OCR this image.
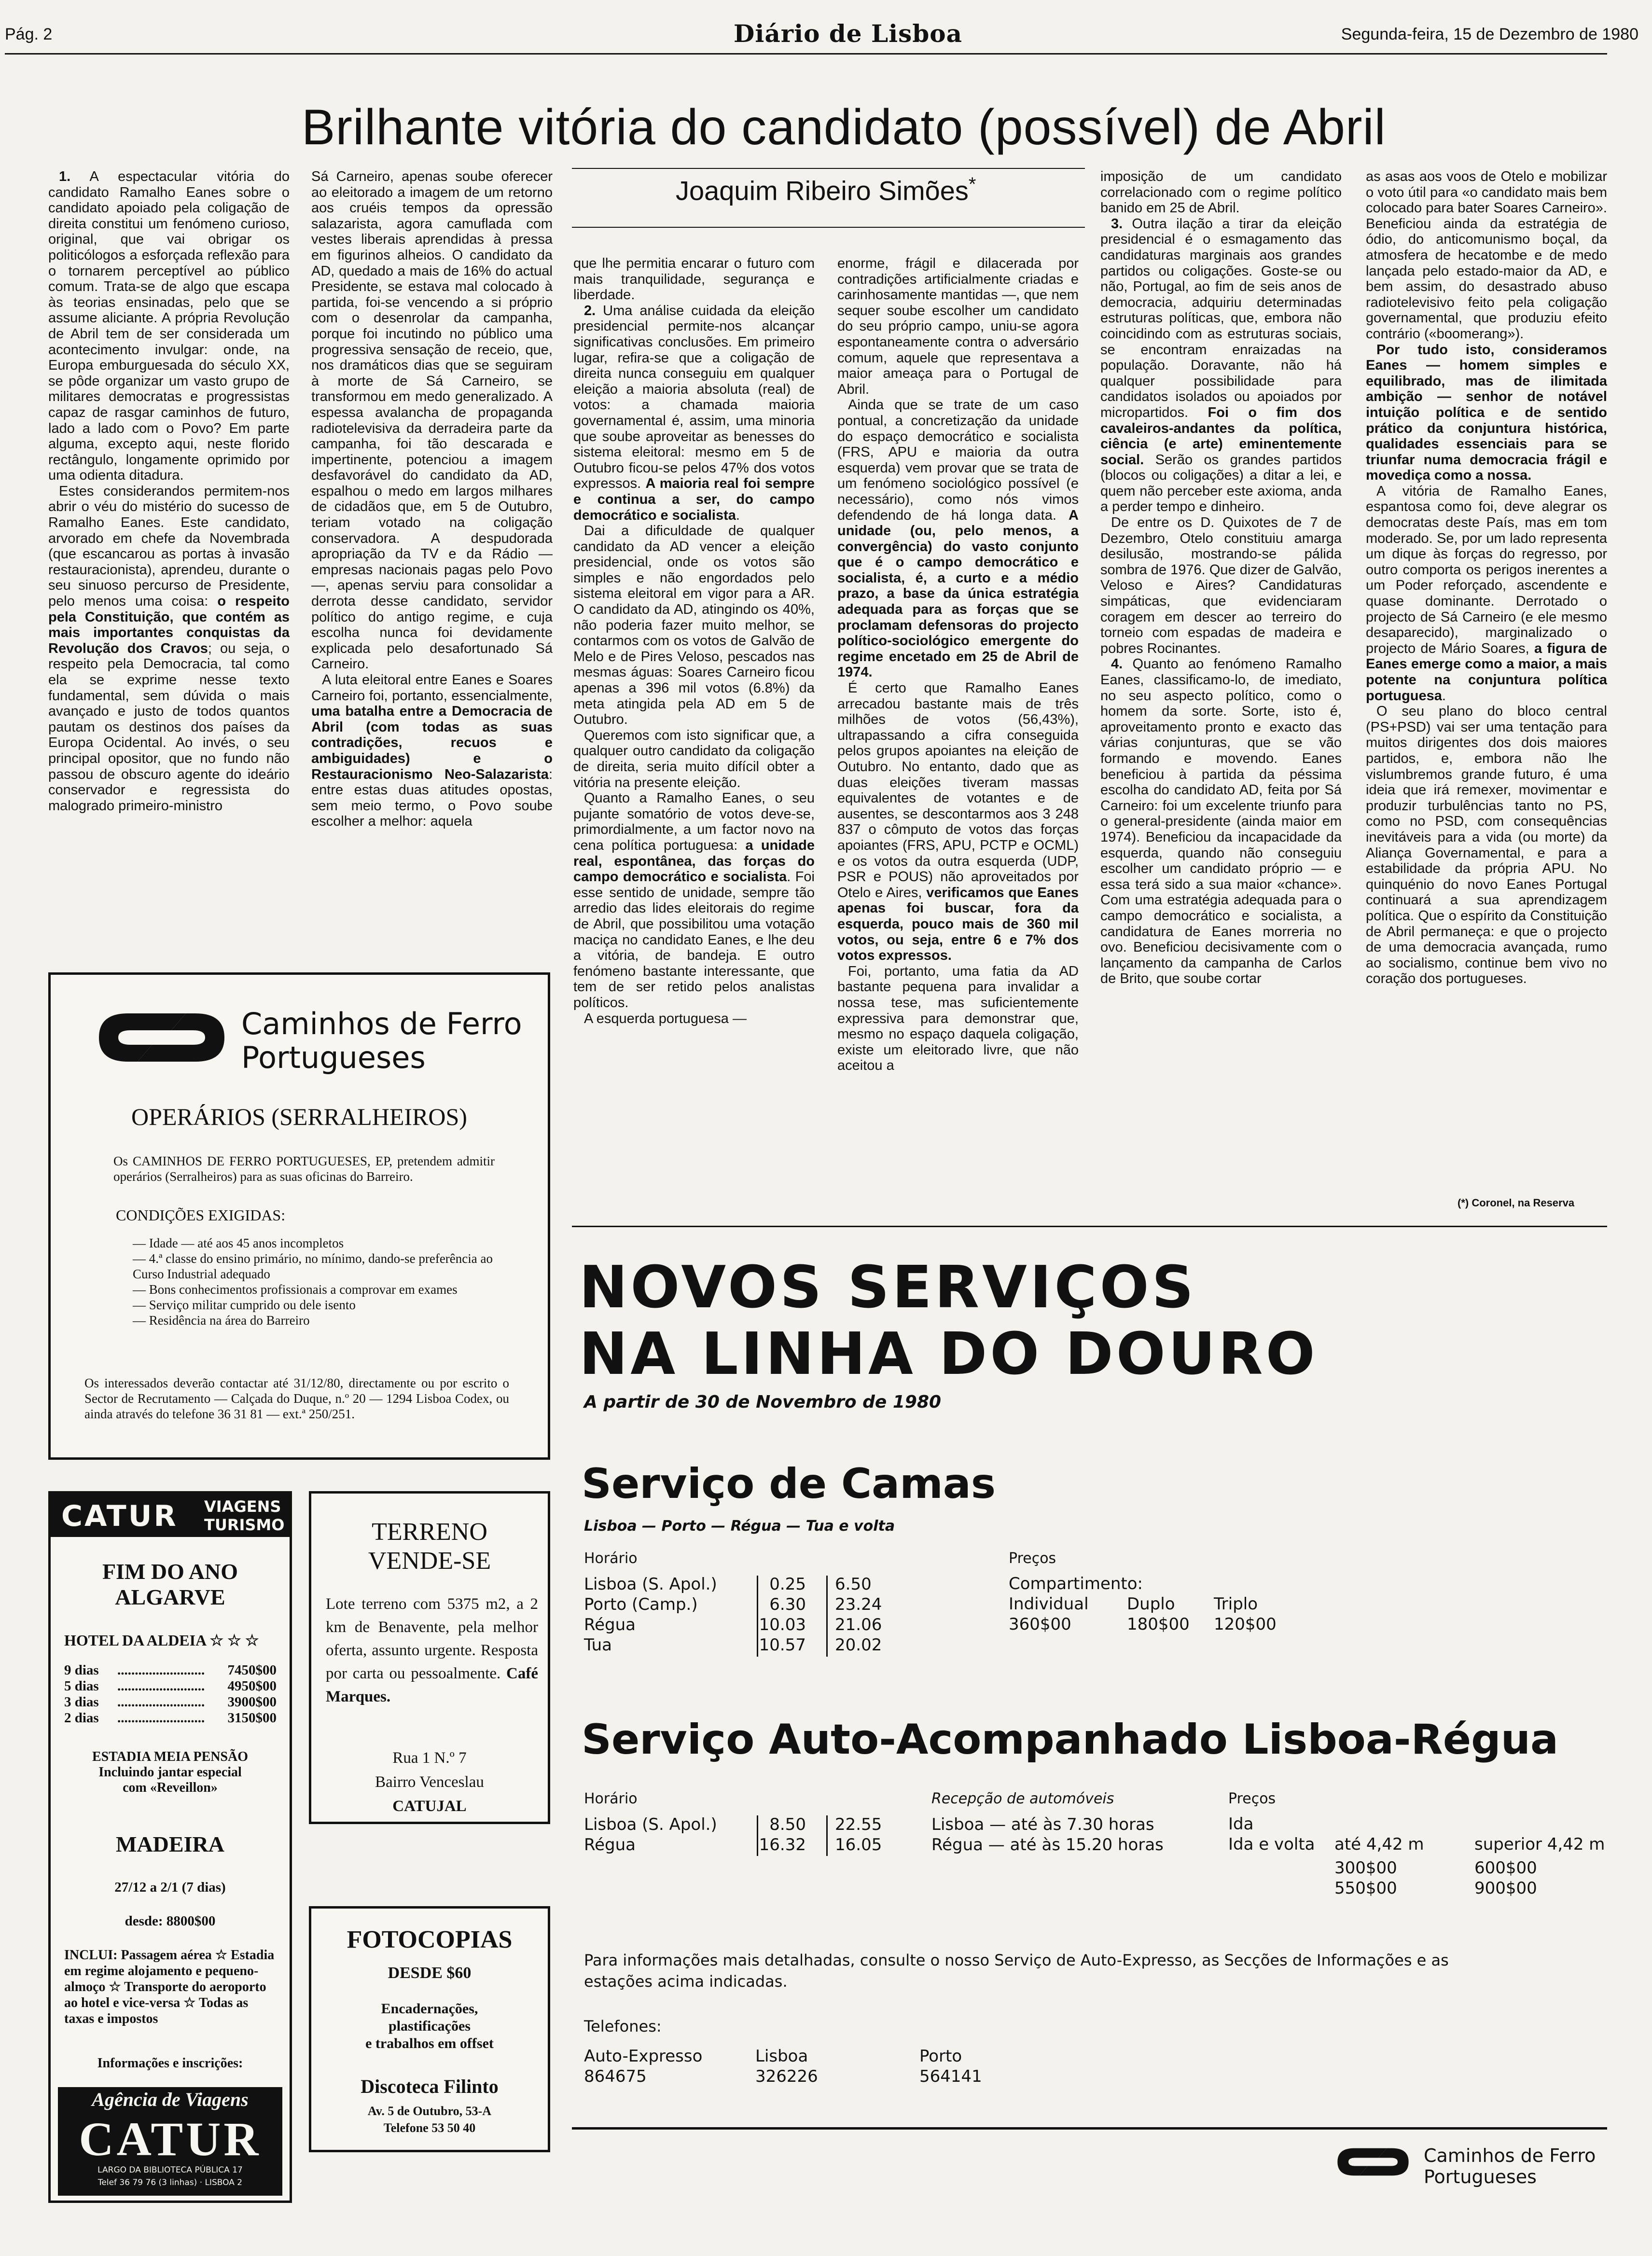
Pág. 2	Diário de Lisboa	Segunda-feira, 15 de Dezembro de 1980
Brilhante vitória do candidato (possível) de Abril
Joaquim Ribeiro Simões*

1. A espectacular vitória do candidato Ramalho Eanes sobre o candidato apoiado pela coligação de direita constitui um fenómeno curioso, original, que vai obrigar os politicólogos a esforçada reflexão para o tornarem perceptível ao público comum. Trata-se de algo que escapa às teorias ensinadas, pelo que se assume aliciante. A própria Revolução de Abril tem de ser considerada um acontecimento invulgar: onde, na Europa emburguesada do século XX, se pôde organizar um vasto grupo de militares democratas e progressistas capaz de rasgar caminhos de futuro, lado a lado com o Povo? Em parte alguma, excepto aqui, neste florido rectângulo, longamente oprimido por uma odienta ditadura.

Estes considerandos permitem-nos abrir o véu do mistério do sucesso de Ramalho Eanes. Este candidato, arvorado em chefe da Novembrada (que escancarou as portas à invasão restauracionista), aprendeu, durante o seu sinuoso percurso de Presidente, pelo menos uma coisa: o respeito pela Constituição, que contém as mais importantes conquistas da Revolução dos Cravos; ou seja, o respeito pela Democracia, tal como ela se exprime nesse texto fundamental, sem dúvida o mais avançado e justo de todos quantos pautam os destinos dos países da Europa Ocidental. Ao invés, o seu principal opositor, que no fundo não passou de obscuro agente do ideário conservador e regressista do malogrado primeiro-ministro

Sá Carneiro, apenas soube oferecer ao eleitorado a imagem de um retorno aos cruéis tempos da opressão salazarista, agora camuflada com vestes liberais aprendidas à pressa em figurinos alheios. O candidato da AD, quedado a mais de 16% do actual Presidente, se estava mal colocado à partida, foi-se vencendo a si próprio com o desenrolar da campanha, porque foi incutindo no público uma progressiva sensação de receio, que, nos dramáticos dias que se seguiram à morte de Sá Carneiro, se transformou em medo generalizado. A espessa avalancha de propaganda radiotelevisiva da derradeira parte da campanha, foi tão descarada e impertinente, potenciou a imagem desfavorável do candidato da AD, espalhou o medo em largos milhares de cidadãos que, em 5 de Outubro, teriam votado na coligação conservadora. A despudorada apropriação da TV e da Rádio — empresas nacionais pagas pelo Povo —, apenas serviu para consolidar a derrota desse candidato, servidor político do antigo regime, e cuja escolha nunca foi devidamente explicada pelo desafortunado Sá Carneiro.

A luta eleitoral entre Eanes e Soares Carneiro foi, portanto, essencialmente, uma batalha entre a Democracia de Abril (com todas as suas contradições, recuos e ambiguidades) e o Restauracionismo Neo-Salazarista: entre estas duas atitudes opostas, sem meio termo, o Povo soube escolher a melhor: aquela

que lhe permitia encarar o futuro com mais tranquilidade, segurança e liberdade.

2. Uma análise cuidada da eleição presidencial permite-nos alcançar significativas conclusões. Em primeiro lugar, refira-se que a coligação de direita nunca conseguiu em qualquer eleição a maioria absoluta (real) de votos: a chamada maioria governamental é, assim, uma minoria que soube aproveitar as benesses do sistema eleitoral: mesmo em 5 de Outubro ficou-se pelos 47% dos votos expressos. A maioria real foi sempre e continua a ser, do campo democrático e socialista.

Dai a dificuldade de qualquer candidato da AD vencer a eleição presidencial, onde os votos são simples e não engordados pelo sistema eleitoral em vigor para a AR. O candidato da AD, atingindo os 40%, não poderia fazer muito melhor, se contarmos com os votos de Galvão de Melo e de Pires Veloso, pescados nas mesmas águas: Soares Carneiro ficou apenas a 396 mil votos (6.8%) da meta atingida pela AD em 5 de Outubro.

Queremos com isto significar que, a qualquer outro candidato da coligação de direita, seria muito difícil obter a vitória na presente eleição.

Quanto a Ramalho Eanes, o seu pujante somatório de votos deve-se, primordialmente, a um factor novo na cena política portuguesa: a unidade real, espontânea, das forças do campo democrático e socialista. Foi esse sentido de unidade, sempre tão arredio das lides eleitorais do regime de Abril, que possibilitou uma votação maciça no candidato Eanes, e lhe deu a vitória, de bandeja. E outro fenómeno bastante interessante, que tem de ser retido pelos analistas políticos.

A esquerda portuguesa —

enorme, frágil e dilacerada por contradições artificialmente criadas e carinhosamente mantidas —, que nem sequer soube escolher um candidato do seu próprio campo, uniu-se agora espontaneamente contra o adversário comum, aquele que representava a maior ameaça para o Portugal de Abril.

Ainda que se trate de um caso pontual, a concretização da unidade do espaço democrático e socialista (FRS, APU e maioria da outra esquerda) vem provar que se trata de um fenómeno sociológico possível (e necessário), como nós vimos defendendo de há longa data. A unidade (ou, pelo menos, a convergência) do vasto conjunto que é o campo democrático e socialista, é, a curto e a médio prazo, a base da única estratégia adequada para as forças que se proclamam defensoras do projecto político-sociológico emergente do regime encetado em 25 de Abril de 1974.

É certo que Ramalho Eanes arrecadou bastante mais de três milhões de votos (56,43%), ultrapassando a cifra conseguida pelos grupos apoiantes na eleição de Outubro. No entanto, dado que as duas eleições tiveram massas equivalentes de votantes e de ausentes, se descontarmos aos 3 248 837 o cômputo de votos das forças apoiantes (FRS, APU, PCTP e OCML) e os votos da outra esquerda (UDP, PSR e POUS) não aproveitados por Otelo e Aires, verificamos que Eanes apenas foi buscar, fora da esquerda, pouco mais de 360 mil votos, ou seja, entre 6 e 7% dos votos expressos.

Foi, portanto, uma fatia da AD bastante pequena para invalidar a nossa tese, mas suficientemente expressiva para demonstrar que, mesmo no espaço daquela coligação, existe um eleitorado livre, que não aceitou a

imposição de um candidato correlacionado com o regime político banido em 25 de Abril.

3. Outra ilação a tirar da eleição presidencial é o esmagamento das candidaturas marginais aos grandes partidos ou coligações. Goste-se ou não, Portugal, ao fim de seis anos de democracia, adquiriu determinadas estruturas políticas, que, embora não coincidindo com as estruturas sociais, se encontram enraizadas na população. Doravante, não há qualquer possibilidade para candidatos isolados ou apoiados por micropartidos. Foi o fim dos cavaleiros-andantes da política, ciência (e arte) eminentemente social. Serão os grandes partidos (blocos ou coligações) a ditar a lei, e quem não perceber este axioma, anda a perder tempo e dinheiro.

De entre os D. Quixotes de 7 de Dezembro, Otelo constituiu amarga desilusão, mostrando-se pálida sombra de 1976. Que dizer de Galvão, Veloso e Aires? Candidaturas simpáticas, que evidenciaram coragem em descer ao terreiro do torneio com espadas de madeira e pobres Rocinantes.

4. Quanto ao fenómeno Ramalho Eanes, classificamo-lo, de imediato, no seu aspecto político, como o homem da sorte. Sorte, isto é, aproveitamento pronto e exacto das várias conjunturas, que se vão formando e movendo. Eanes beneficiou à partida da péssima escolha do candidato AD, feita por Sá Carneiro: foi um excelente triunfo para o general-presidente (ainda maior em 1974). Beneficiou da incapacidade da esquerda, quando não conseguiu escolher um candidato próprio — e essa terá sido a sua maior «chance». Com uma estratégia adequada para o campo democrático e socialista, a candidatura de Eanes morreria no ovo. Beneficiou decisivamente com o lançamento da campanha de Carlos de Brito, que soube cortar

as asas aos voos de Otelo e mobilizar o voto útil para «o candidato mais bem colocado para bater Soares Carneiro». Beneficiou ainda da estratégia de ódio, do anticomunismo boçal, da atmosfera de hecatombe e de medo lançada pelo estado-maior da AD, e bem assim, do desastrado abuso radiotelevisivo feito pela coligação governamental, que produziu efeito contrário («boomerang»).

Por tudo isto, consideramos Eanes — homem simples e equilibrado, mas de ilimitada ambição — senhor de notável intuição política e de sentido prático da conjuntura histórica, qualidades essenciais para se triunfar numa democracia frágil e movediça como a nossa.

A vitória de Ramalho Eanes, espantosa como foi, deve alegrar os democratas deste País, mas em tom moderado. Se, por um lado representa um dique às forças do regresso, por outro comporta os perigos inerentes a um Poder reforçado, ascendente e quase dominante. Derrotado o projecto de Sá Carneiro (e ele mesmo desaparecido), marginalizado o projecto de Mário Soares, a figura de Eanes emerge como a maior, a mais potente na conjuntura política portuguesa.

O seu plano do bloco central (PS+PSD) vai ser uma tentação para muitos dirigentes dos dois maiores partidos, e, embora não lhe vislumbremos grande futuro, é uma ideia que irá remexer, movimentar e produzir turbulências tanto no PS, como no PSD, com consequências inevitáveis para a vida (ou morte) da Aliança Governamental, e para a estabilidade da própria APU. No quinquénio do novo Eanes Portugal continuará a sua aprendizagem política. Que o espírito da Constituição de Abril permaneça: e que o projecto de uma democracia avançada, rumo ao socialismo, continue bem vivo no coração dos portugueses.

(*) Coronel, na Reserva
Caminhos de Ferro
Portugueses
OPERÁRIOS (SERRALHEIROS)
Os CAMINHOS DE FERRO PORTUGUESES, EP, pretendem admitir operários (Serralheiros) para as suas oficinas do Barreiro.
CONDIÇÕES EXIGIDAS:
— Idade — até aos 45 anos incompletos
— 4.ª classe do ensino primário, no mínimo, dando-se preferência ao Curso Industrial adequado
— Bons conhecimentos profissionais a comprovar em exames
— Serviço militar cumprido ou dele isento
— Residência na área do Barreiro
Os interessados deverão contactar até 31/12/80, directamente ou por escrito o Sector de Recrutamento — Calçada do Duque, n.º 20 — 1294 Lisboa Codex, ou ainda através do telefone 36 31 81 — ext.ª 250/251.
CATUR VIAGENS
TURISMO
FIM DO ANO
ALGARVE
HOTEL DA ALDEIA ☆ ☆ ☆
9 dias	.........................	7450$00
5 dias	.........................	4950$00
3 dias	.........................	3900$00
2 dias	.........................	3150$00
ESTADIA MEIA PENSÃO
Incluindo jantar especial
com «Reveillon»
MADEIRA
27/12 a 2/1 (7 dias)
desde: 8800$00
INCLUI: Passagem aérea ☆ Estadia em regime alojamento e pequeno-almoço ☆ Transporte do aeroporto ao hotel e vice-versa ☆ Todas as taxas e impostos
Informações e inscrições:
Agência de Viagens
CATUR
LARGO DA BIBLIOTECA PÚBLICA 17
Telef 36 79 76 (3 linhas) · LISBOA 2
TERRENO
VENDE-SE
Lote terreno com 5375 m2, a 2 km de Benavente, pela melhor oferta, assunto urgente. Resposta por carta ou pessoalmente. Café Marques.
Rua 1 N.º 7
Bairro Venceslau
CATUJAL
FOTOCOPIAS
DESDE $60
Encadernações,
plastificações
e trabalhos em offset
Discoteca Filinto
Av. 5 de Outubro, 53-A
Telefone 53 50 40
NOVOS SERVIÇOS
NA LINHA DO DOURO
A partir de 30 de Novembro de 1980
Serviço de Camas
Lisboa — Porto — Régua — Tua e volta
Horário	Preços
Lisboa (S. Apol.)	0.25 6.50
Porto (Camp.)	6.30 23.24
Régua	10.03 21.06
Tua	10.57 20.02
Compartimento:
Individual	Duplo	Triplo
360$00	180$00	120$00
Serviço Auto-Acompanhado Lisboa-Régua
Horário
Lisboa (S. Apol.)	8.50 22.55
Régua	16.32 16.05
Recepção de automóveis
Lisboa — até às 7.30 horas
Régua — até às 15.20 horas
Preços
Ida
Ida e volta	até 4,42 m	superior 4,42 m
300$00	600$00
550$00	900$00
Para informações mais detalhadas, consulte o nosso Serviço de Auto-Expresso, as Secções de Informações e as estações acima indicadas.
Telefones:
Auto-Expresso
864675
Lisboa
326226
Porto
564141
Caminhos de Ferro
Portugueses
